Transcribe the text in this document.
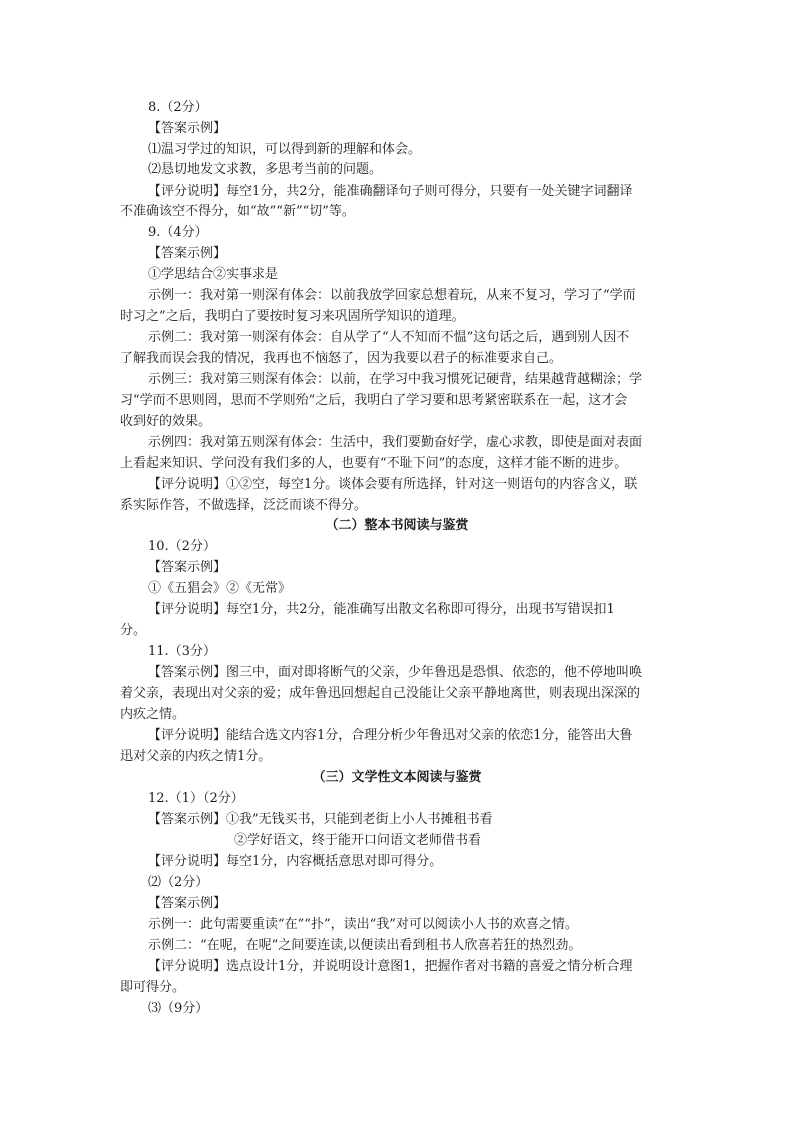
8.（2分）
【答案示例】
⑴温习学过的知识，可以得到新的理解和体会。
⑵恳切地发文求教，多思考当前的问题。
【评分说明】每空1分，共2分，能准确翻译句子则可得分，只要有一处关键字词翻译
不准确该空不得分，如“故”“新”“切”等。
9.（4分）
【答案示例】
①学思结合②实事求是
示例一：我对第一则深有体会：以前我放学回家总想着玩，从来不复习，学习了“学而
时习之”之后，我明白了要按时复习来巩固所学知识的道理。
示例二：我对第一则深有体会：自从学了“人不知而不愠”这句话之后，遇到别人因不
了解我而误会我的情况，我再也不恼怒了，因为我要以君子的标准要求自己。
示例三：我对第三则深有体会：以前，在学习中我习惯死记硬背，结果越背越糊涂；学
习“学而不思则罔，思而不学则殆”之后，我明白了学习要和思考紧密联系在一起，这才会
收到好的效果。
示例四：我对第五则深有体会：生活中，我们要勤奋好学，虚心求教，即使是面对表面
上看起来知识、学问没有我们多的人，也要有“不耻下问”的态度，这样才能不断的进步。
【评分说明】①②空，每空1分。谈体会要有所选择，针对这一则语句的内容含义，联
系实际作答，不做选择，泛泛而谈不得分。
（二）整本书阅读与鉴赏
10.（2分）
【答案示例】
①《五猖会》②《无常》
【评分说明】每空1分，共2分，能准确写出散文名称即可得分，出现书写错误扣1
分。
11.（3分）
【答案示例】图三中，面对即将断气的父亲，少年鲁迅是恐惧、依恋的，他不停地叫唤
着父亲，表现出对父亲的爱；成年鲁迅回想起自己没能让父亲平静地离世，则表现出深深的
内疚之情。
【评分说明】能结合选文内容1分，合理分析少年鲁迅对父亲的依恋1分，能答出大鲁
迅对父亲的内疚之情1分。
（三）文学性文本阅读与鉴赏
12.（1）（2分）
【答案示例】①我”无钱买书，只能到老街上小人书摊租书看
②学好语文，终于能开口问语文老师借书看
【评分说明】每空1分，内容概括意思对即可得分。
⑵（2分）
【答案示例】
示例一：此句需要重读“在”“扑”，读出“我”对可以阅读小人书的欢喜之情。
示例二：“在呢，在呢”之间要连读,以便读出看到租书人欣喜若狂的热烈劲。
【评分说明】选点设计1分，并说明设计意图1，把握作者对书籍的喜爱之情分析合理
即可得分。
⑶（9分）
